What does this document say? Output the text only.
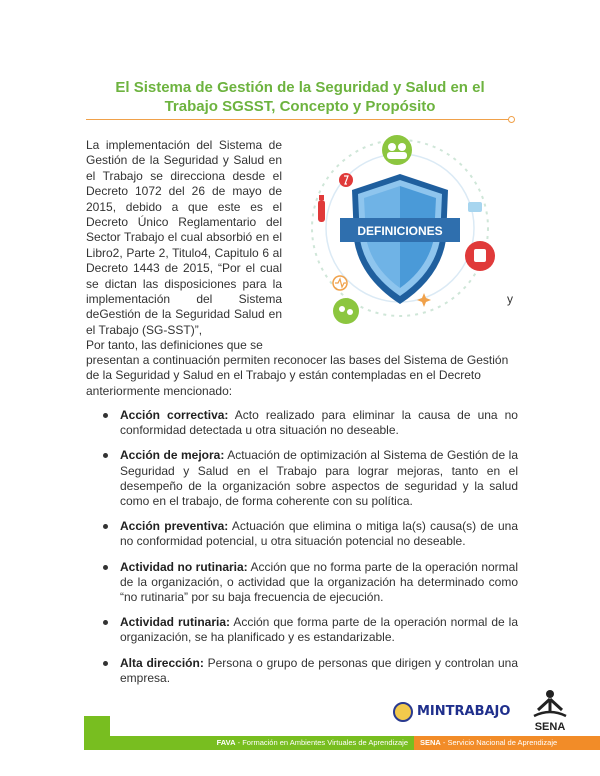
El Sistema de Gestión de la Seguridad y Salud en el Trabajo SGSST, Concepto y Propósito

La implementación del Sistema de Gestión de la Seguridad y Salud en el Trabajo se direcciona desde el Decreto 1072 del 26 de mayo de 2015, debido a que este es el Decreto Único Reglamentario del Sector Trabajo el cual absorbió en el Libro2, Parte 2, Titulo4, Capitulo 6 al Decreto 1443 de 2015, “Por el cual se dictan las disposiciones para la implementación del Sistema deGestión de la Seguridad Salud en el Trabajo (SG-SST)”,

y
DEFINICIONES

Por tanto, las definiciones que se
presentan a continuación permiten reconocer las bases del Sistema de Gestión de la Seguridad y Salud en el Trabajo y están contempladas en el Decreto anteriormente mencionado:

Acción correctiva: Acto realizado para eliminar la causa de una no conformidad detectada u otra situación no deseable.
Acción de mejora: Actuación de optimización al Sistema de Gestión de la Seguridad y Salud en el Trabajo para lograr mejoras, tanto en el desempeño de la organización sobre aspectos de seguridad y la salud como en el trabajo, de forma coherente con su política.
Acción preventiva: Actuación que elimina o mitiga la(s) causa(s) de una no conformidad potencial, u otra situación potencial no deseable.
Actividad no rutinaria: Acción que no forma parte de la operación normal de la organización, o actividad que la organización ha determinado como “no rutinaria” por su baja frecuencia de ejecución.
Actividad rutinaria: Acción que forma parte de la operación normal de la organización, se ha planificado y es estandarizable.
Alta dirección: Persona o grupo de personas que dirigen y controlan una empresa.
MINTRABAJO
SENA
FAVA - Formación en Ambientes Virtuales de Aprendizaje	SENA - Servicio Nacional de Aprendizaje
